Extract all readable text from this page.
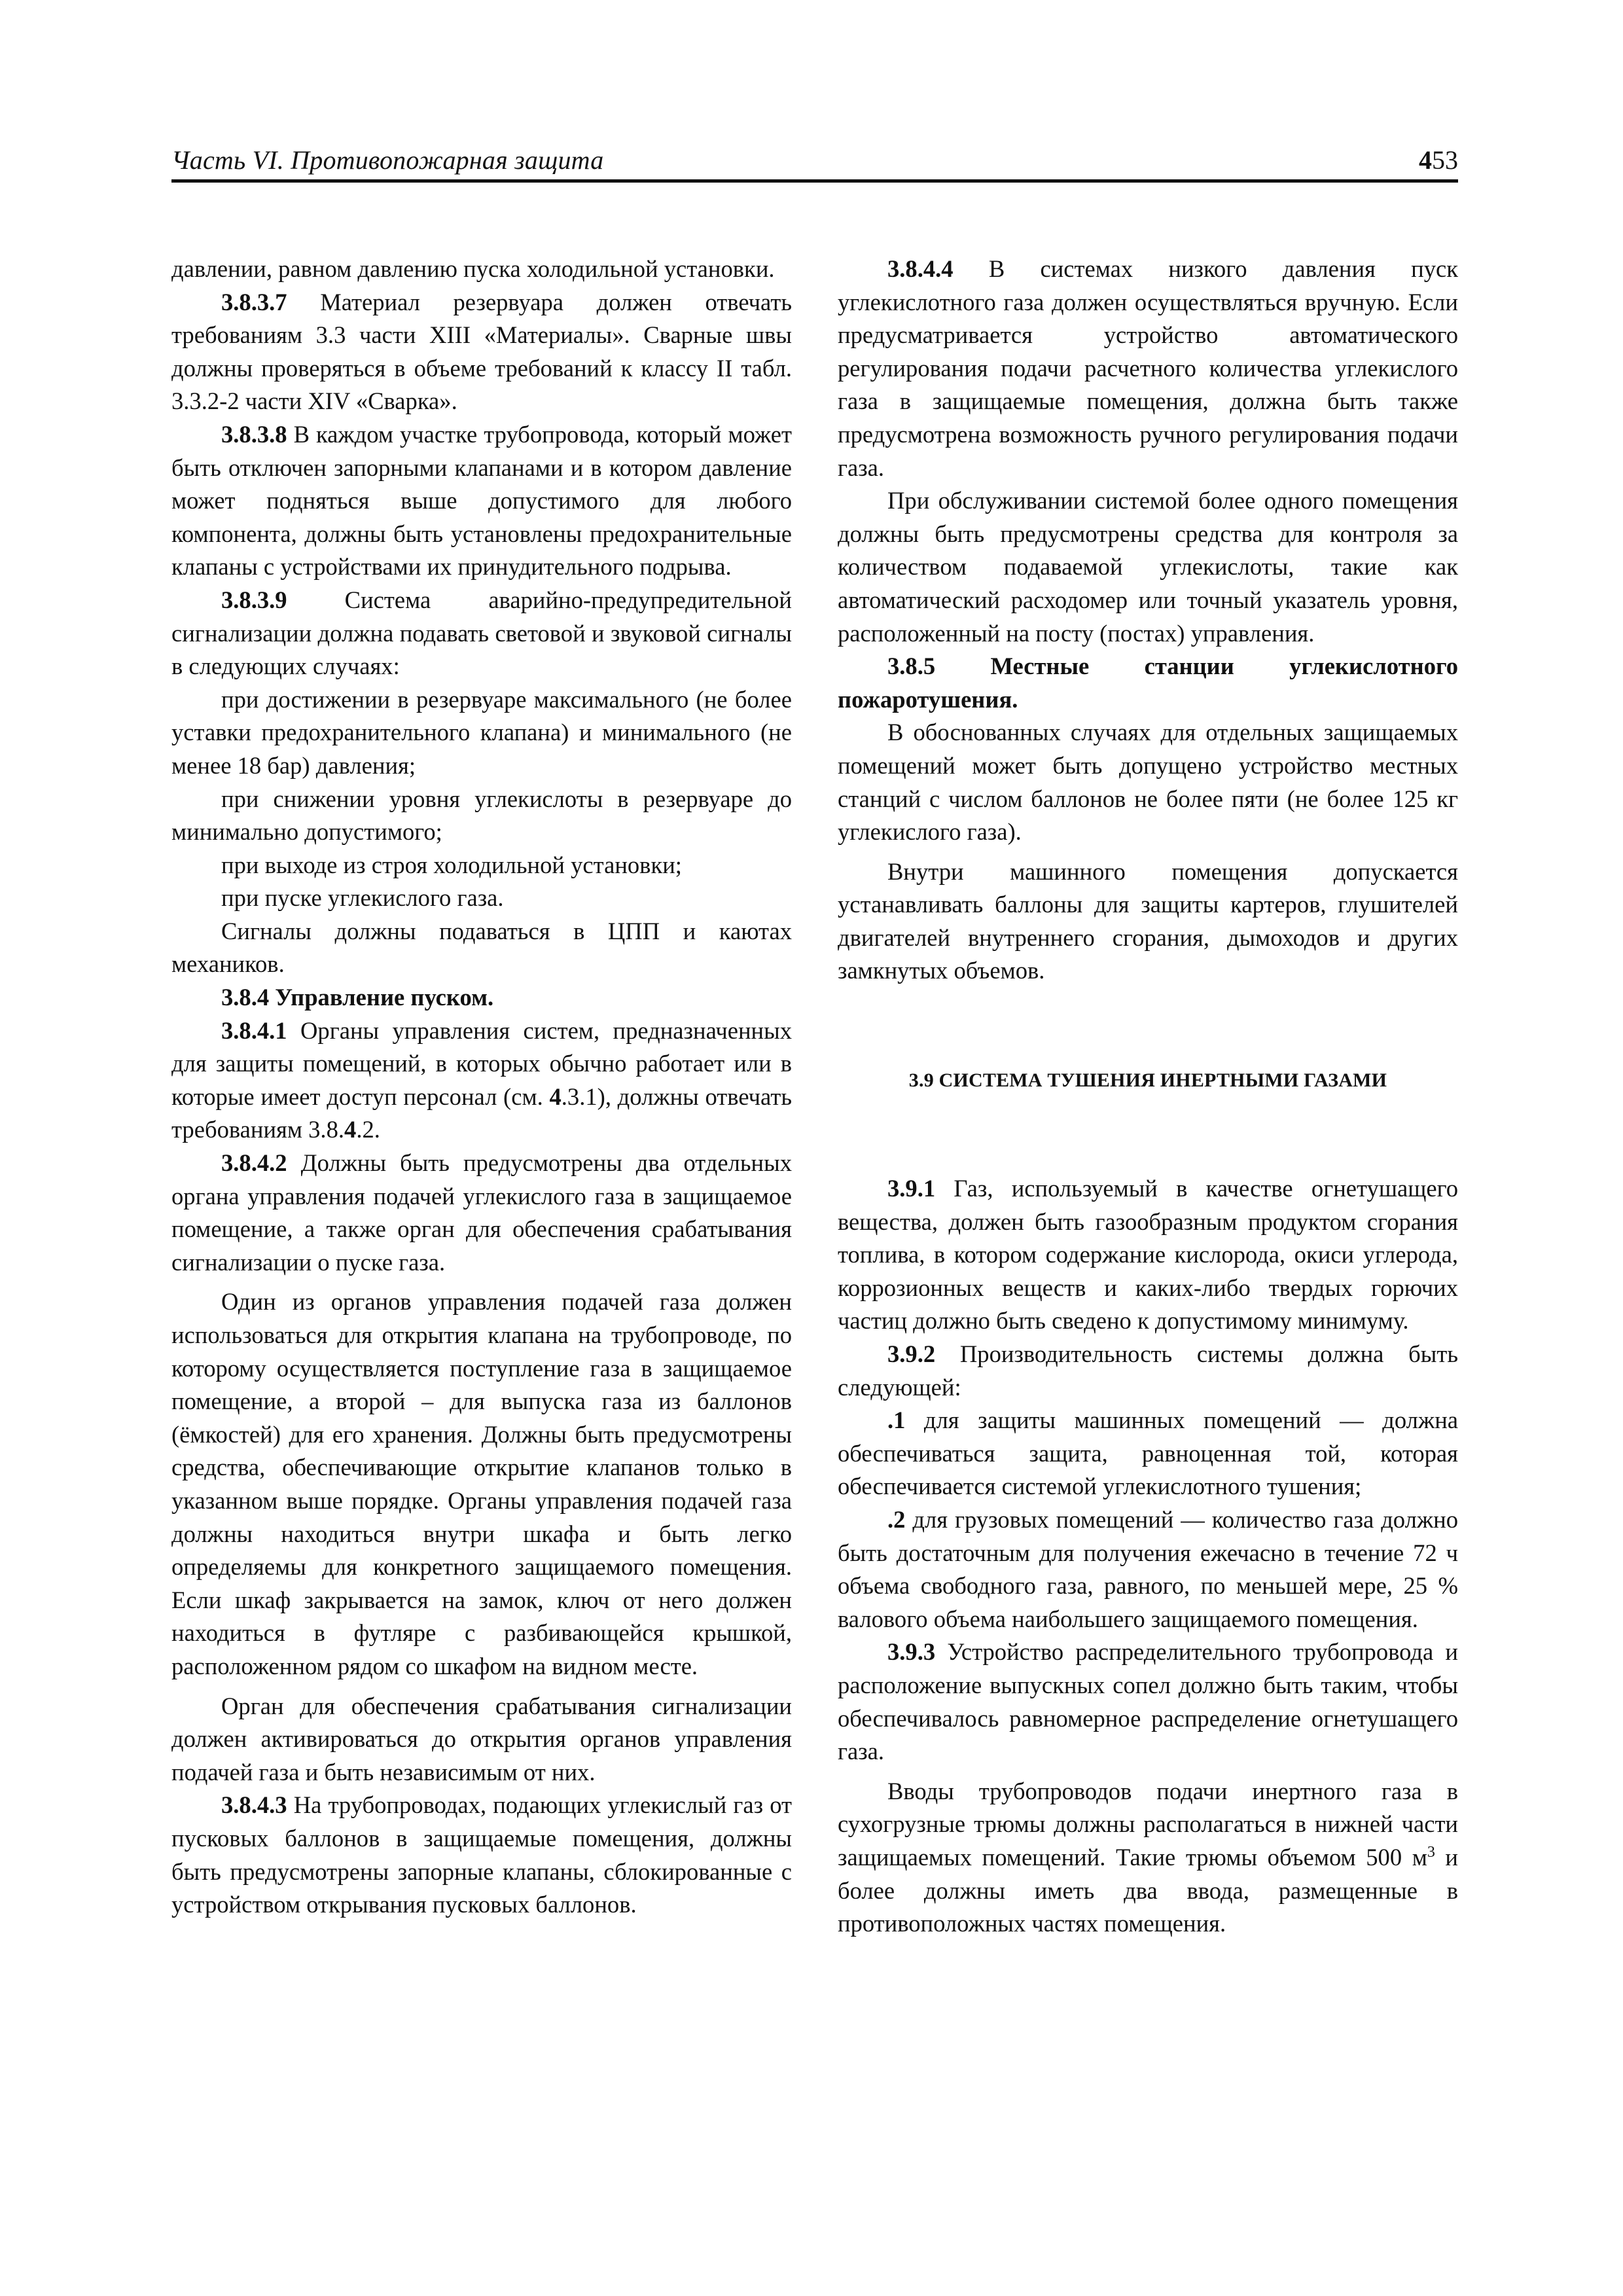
Часть VI. Противопожарная защита	453

давлении, равном давлению пуска холодильной установки.

3.8.3.7 Материал резервуара должен отвечать требованиям 3.3 части XIII «Материалы». Сварные швы должны проверяться в объеме требований к классу II табл. 3.3.2-2 части XIV «Сварка».

3.8.3.8 В каждом участке трубопровода, который может быть отключен запорными клапанами и в котором давление может подняться выше допустимого для любого компонента, должны быть установлены предохранительные клапаны с устройствами их принудительного подрыва.

3.8.3.9 Система аварийно-предупредительной сигнализации должна подавать световой и звуковой сигналы в следующих случаях:

при достижении в резервуаре максимального (не более уставки предохранительного клапана) и минимального (не менее 18 бар) давления;

при снижении уровня углекислоты в резервуаре до минимально допустимого;

при выходе из строя холодильной установки;

при пуске углекислого газа.

Сигналы должны подаваться в ЦПП и каютах механиков.

3.8.4 Управление пуском.

3.8.4.1 Органы управления систем, предназначенных для защиты помещений, в которых обычно работает или в которые имеет доступ персонал (см. 4.3.1), должны отвечать требованиям 3.8.4.2.

3.8.4.2 Должны быть предусмотрены два отдельных органа управления подачей углекислого газа в защищаемое помещение, а также орган для обеспечения срабатывания сигнализации о пуске газа.

Один из органов управления подачей газа должен использоваться для открытия клапана на трубопроводе, по которому осуществляется поступление газа в защищаемое помещение, а второй – для выпуска газа из баллонов (ёмкостей) для его хранения. Должны быть предусмотрены средства, обеспечивающие открытие клапанов только в указанном выше порядке. Органы управления подачей газа должны находиться внутри шкафа и быть легко определяемы для конкретного защищаемого помещения. Если шкаф закрывается на замок, ключ от него должен находиться в футляре с разбивающейся крышкой, расположенном рядом со шкафом на видном месте.

Орган для обеспечения срабатывания сигнализации должен активироваться до открытия органов управления подачей газа и быть независимым от них.

3.8.4.3 На трубопроводах, подающих углекислый газ от пусковых баллонов в защищаемые помещения, должны быть предусмотрены запорные клапаны, сблокированные с устройством открывания пусковых баллонов.

3.8.4.4 В системах низкого давления пуск углекислотного газа должен осуществляться вручную. Если предусматривается устройство автоматического регулирования подачи расчетного количества углекислого газа в защищаемые помещения, должна быть также предусмотрена возможность ручного регулирования подачи газа.

При обслуживании системой более одного помещения должны быть предусмотрены средства для контроля за количеством подаваемой углекислоты, такие как автоматический расходомер или точный указатель уровня, расположенный на посту (постах) управления.

3.8.5 Местные станции углекислотного пожаротушения.

В обоснованных случаях для отдельных защищаемых помещений может быть допущено устройство местных станций с числом баллонов не более пяти (не более 125 кг углекислого газа).

Внутри машинного помещения допускается устанавливать баллоны для защиты картеров, глушителей двигателей внутреннего сгорания, дымоходов и других замкнутых объемов.

3.9 СИСТЕМА ТУШЕНИЯ ИНЕРТНЫМИ ГАЗАМИ

3.9.1 Газ, используемый в качестве огнетушащего вещества, должен быть газообразным продуктом сгорания топлива, в котором содержание кислорода, окиси углерода, коррозионных веществ и каких-либо твердых горючих частиц должно быть сведено к допустимому минимуму.

3.9.2 Производительность системы должна быть следующей:

.1 для защиты машинных помещений — должна обеспечиваться защита, равноценная той, которая обеспечивается системой углекислотного тушения;

.2 для грузовых помещений — количество газа должно быть достаточным для получения ежечасно в течение 72 ч объема свободного газа, равного, по меньшей мере, 25 % валового объема наибольшего защищаемого помещения.

3.9.3 Устройство распределительного трубопровода и расположение выпускных сопел должно быть таким, чтобы обеспечивалось равномерное распределение огнетушащего газа.

Вводы трубопроводов подачи инертного газа в сухогрузные трюмы должны располагаться в нижней части защищаемых помещений. Такие трюмы объемом 500 $м^3$ и более должны иметь два ввода, размещенные в противоположных частях помещения.
